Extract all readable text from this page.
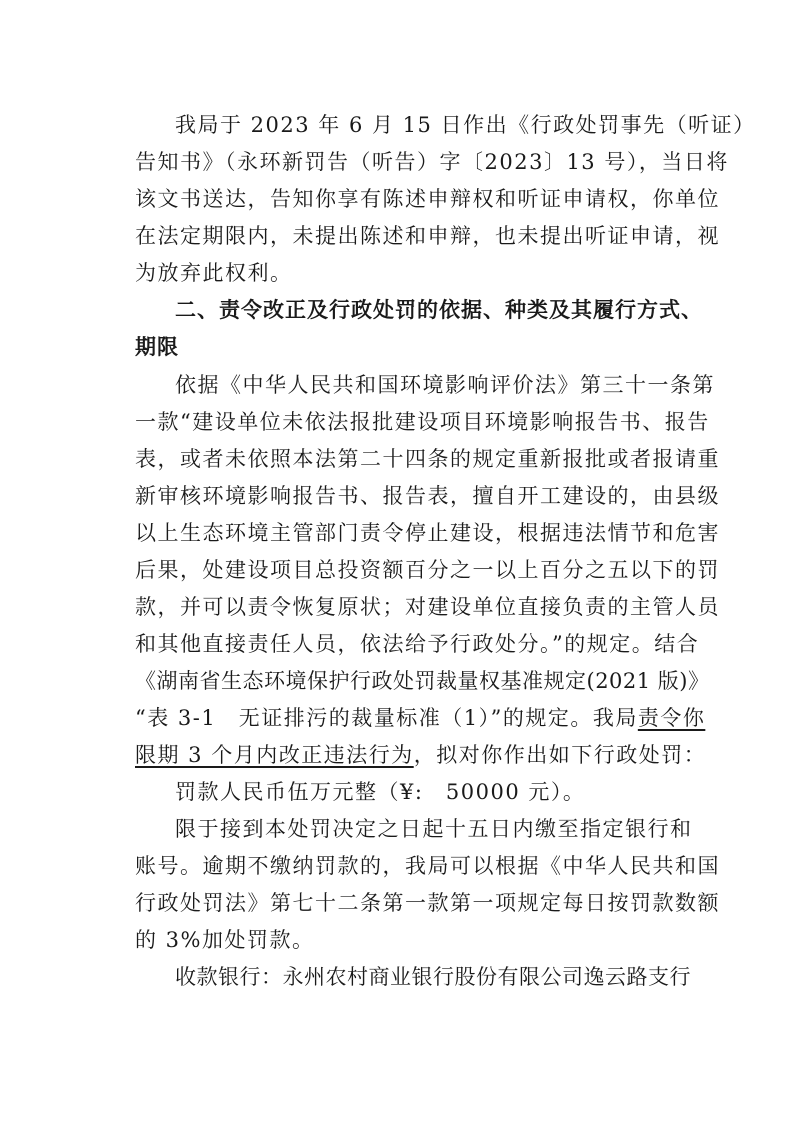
我局于 2023 年 6 月 15 日作出《行政处罚事先（听证）
告知书》（永环新罚告（听告）字〔2023〕13 号），当日将
该文书送达，告知你享有陈述申辩权和听证申请权，你单位
在法定期限内，未提出陈述和申辩，也未提出听证申请，视
为放弃此权利。
二、责令改正及行政处罚的依据、种类及其履行方式、
期限
依据《中华人民共和国环境影响评价法》第三十一条第
一款“建设单位未依法报批建设项目环境影响报告书、报告
表，或者未依照本法第二十四条的规定重新报批或者报请重
新审核环境影响报告书、报告表，擅自开工建设的，由县级
以上生态环境主管部门责令停止建设，根据违法情节和危害
后果，处建设项目总投资额百分之一以上百分之五以下的罚
款，并可以责令恢复原状；对建设单位直接负责的主管人员
和其他直接责任人员，依法给予行政处分。”的规定。结合
《湖南省生态环境保护行政处罚裁量权基准规定(2021 版)》
“表 3-1　无证排污的裁量标准（1）”的规定。我局责令你
限期 3 个月内改正违法行为，拟对你作出如下行政处罚：
罚款人民币伍万元整（¥:　50000 元）。
限于接到本处罚决定之日起十五日内缴至指定银行和
账号。逾期不缴纳罚款的，我局可以根据《中华人民共和国
行政处罚法》第七十二条第一款第一项规定每日按罚款数额
的 3%加处罚款。
收款银行：永州农村商业银行股份有限公司逸云路支行
